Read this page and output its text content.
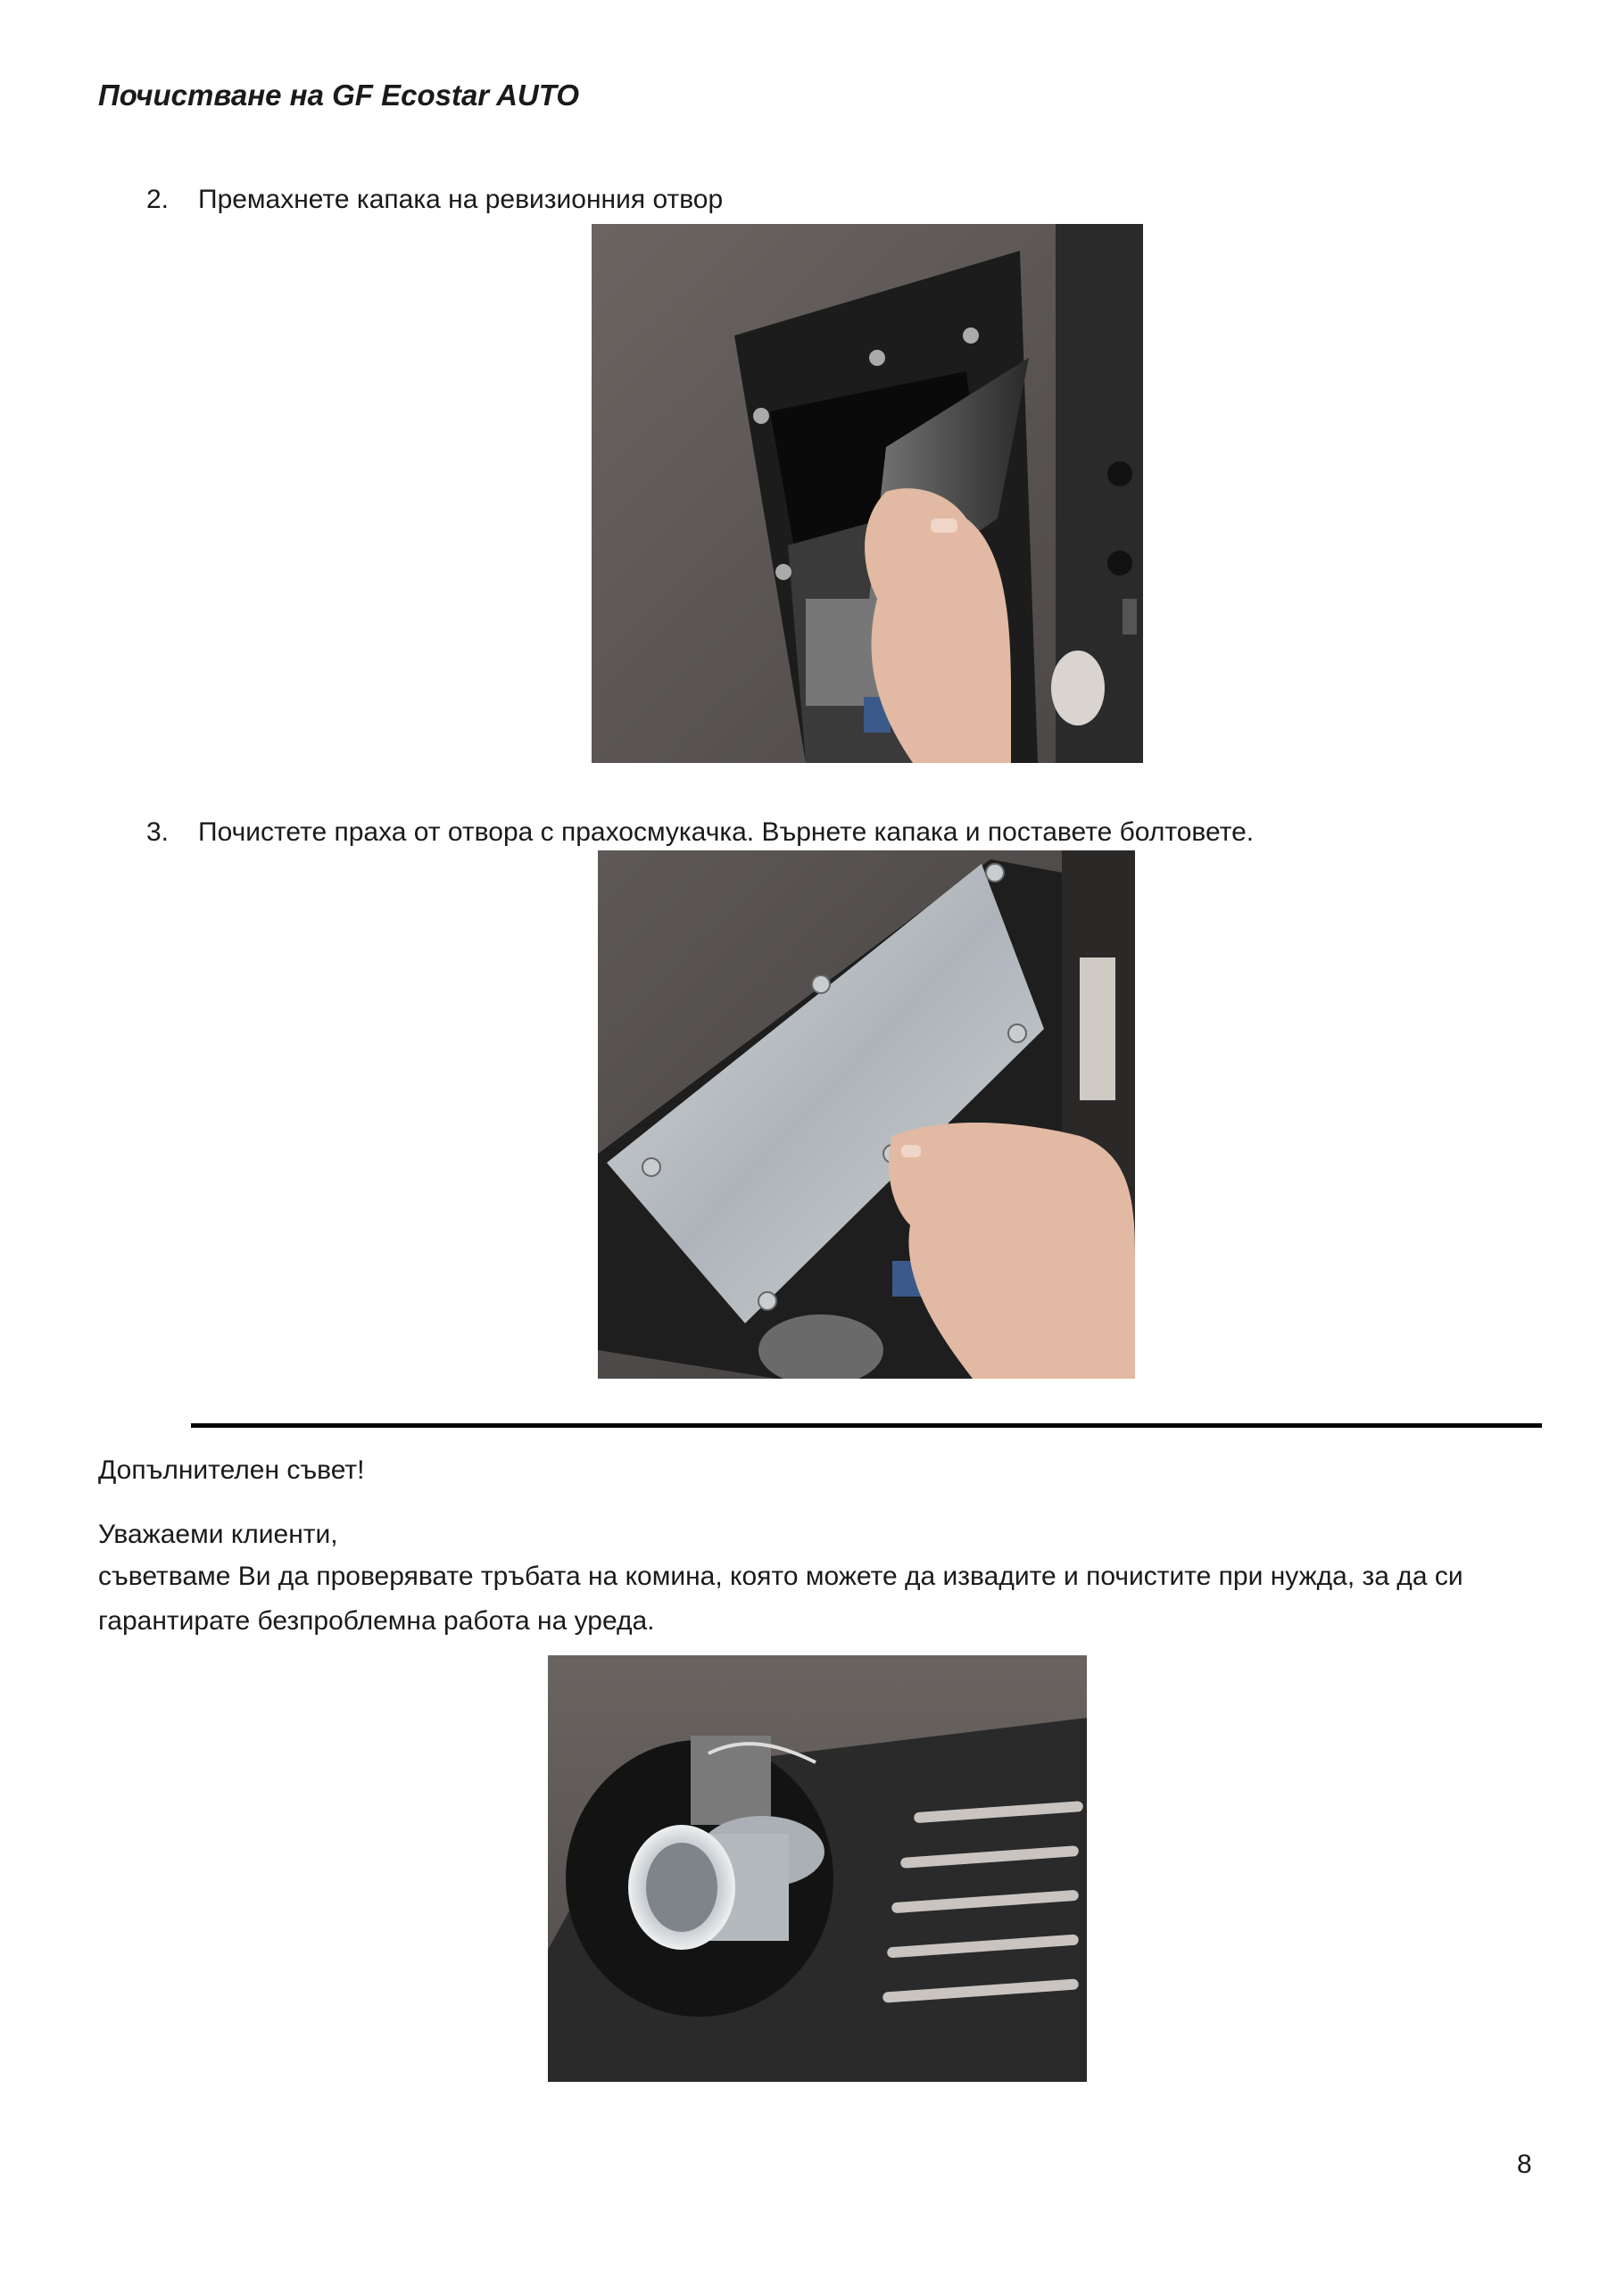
Почистване на GF Ecostar AUTO
2. Премахнете капака на ревизионния отвор
3. Почистете праха от отвора с прахосмукачка. Върнете капака и поставете болтовете.
Допълнителен съвет!
Уважаеми клиенти,
съветваме Ви да проверявате тръбата на комина, която можете да извадите и почистите при нужда, за да си гарантирате безпроблемна работа на уреда.
8
